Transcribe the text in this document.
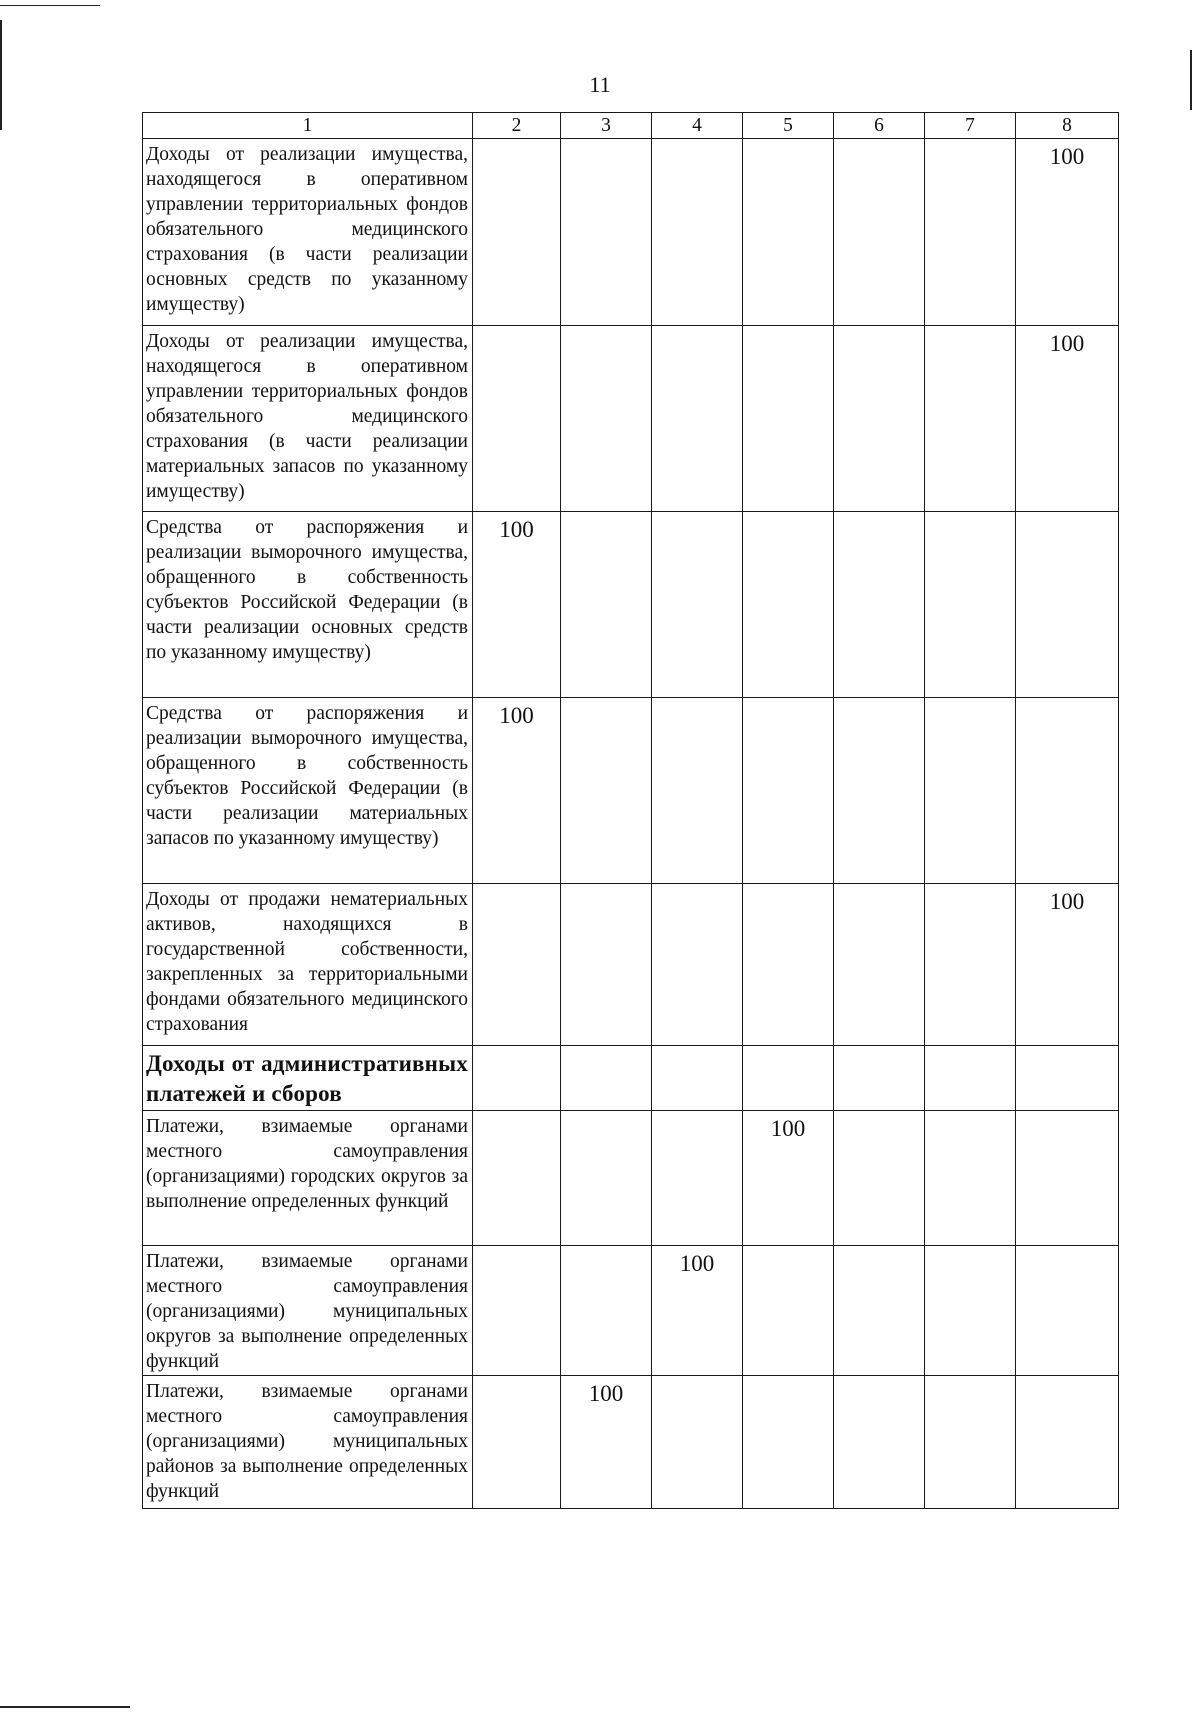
11
1	2	3	4	5	6	7	8
Доходы от реализации имущества, находящегося в оперативном управлении территориальных фондов обязательного медицинского страхования (в части реализации основных средств по указанному имуществу)							100
Доходы от реализации имущества, находящегося в оперативном управлении территориальных фондов обязательного медицинского страхования (в части реализации материальных запасов по указанному имуществу)							100
Средства от распоряжения и реализации выморочного имущества, обращенного в собственность субъектов Российской Федерации (в части реализации основных средств по указанному имуществу)	100						
Средства от распоряжения и реализации выморочного имущества, обращенного в собственность субъектов Российской Федерации (в части реализации материальных запасов по указанному имуществу)	100						
Доходы от продажи нематериальных активов, находящихся в государственной собственности, закрепленных за территориальными фондами обязательного медицинского страхования							100
Доходы от административных платежей и сборов							
Платежи, взимаемые органами местного самоуправления (организациями) городских округов за выполнение определенных функций				100			
Платежи, взимаемые органами местного самоуправления (организациями) муниципальных округов за выполнение определенных функций			100				
Платежи, взимаемые органами местного самоуправления (организациями) муниципальных районов за выполнение определенных функций		100					
